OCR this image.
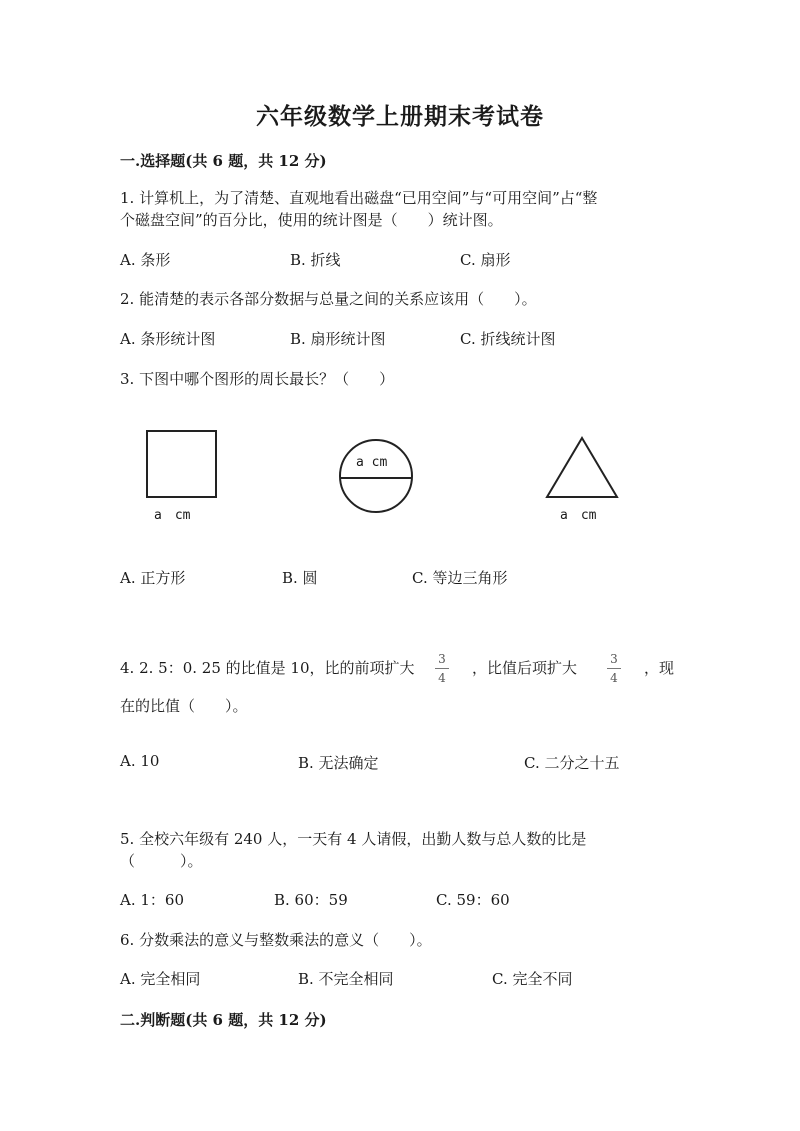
六年级数学上册期末考试卷
一.选择题(共 6 题，共 12 分)
1. 计算机上，为了清楚、直观地看出磁盘“已用空间”与“可用空间”占“整
个磁盘空间”的百分比，使用的统计图是（　　）统计图。
A. 条形	B. 折线	C. 扇形
2. 能清楚的表示各部分数据与总量之间的关系应该用（　　）。
A. 条形统计图	B. 扇形统计图	C. 折线统计图
3. 下图中哪个图形的周长最长？（　　）
a　cm
a cm
a　cm
A. 正方形	B. 圆	C. 等边三角形
4. 2. 5：0. 25 的比值是 10，比的前项扩大 3
4
，比值后项扩大	3
4
，现
在的比值（　　）。
A. 10	B. 无法确定	C. 二分之十五
5. 全校六年级有 240 人，一天有 4 人请假，出勤人数与总人数的比是
（　　　）。
A. 1：60	B. 60：59	C. 59：60
6. 分数乘法的意义与整数乘法的意义（　　）。
A. 完全相同	B. 不完全相同	C. 完全不同
二.判断题(共 6 题，共 12 分)
